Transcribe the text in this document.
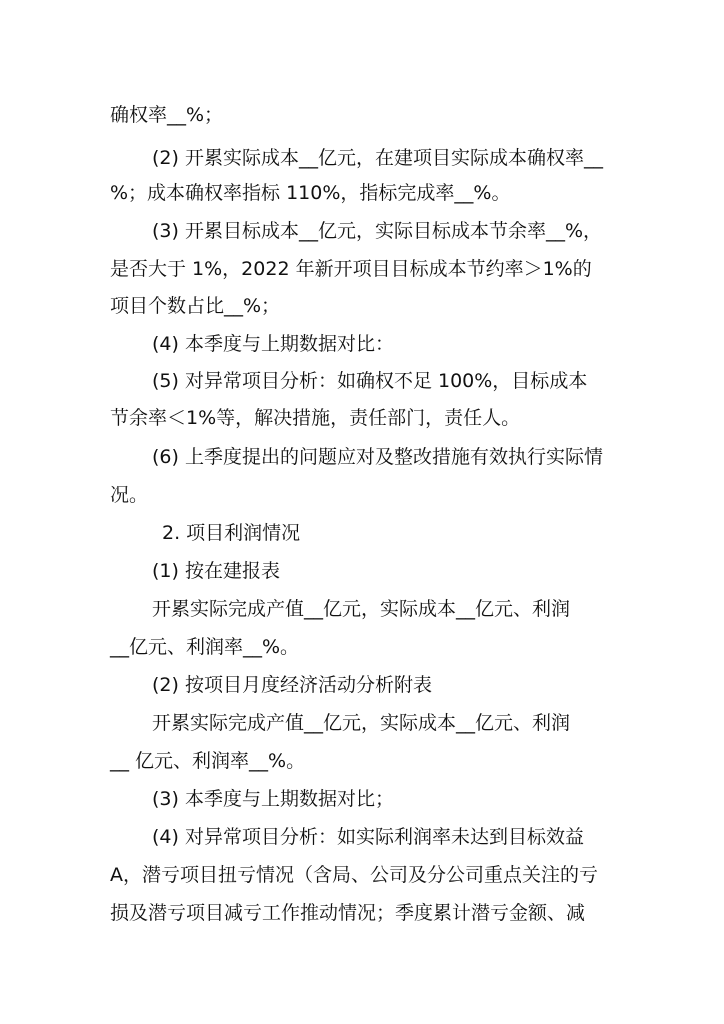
确权率__%；
(2) 开累实际成本__亿元，在建项目实际成本确权率__
%；成本确权率指标 110%，指标完成率__%。
(3) 开累目标成本__亿元，实际目标成本节余率__%，
是否大于 1%，2022 年新开项目目标成本节约率＞1%的
项目个数占比__%；
(4) 本季度与上期数据对比：
(5) 对异常项目分析：如确权不足 100%，目标成本
节余率＜1%等，解决措施，责任部门，责任人。
(6) 上季度提出的问题应对及整改措施有效执行实际情
况。
2. 项目利润情况
(1) 按在建报表
开累实际完成产值__亿元，实际成本__亿元、利润
__亿元、利润率__%。
(2) 按项目月度经济活动分析附表
开累实际完成产值__亿元，实际成本__亿元、利润
__ 亿元、利润率__%。
(3) 本季度与上期数据对比；
(4) 对异常项目分析：如实际利润率未达到目标效益
A，潜亏项目扭亏情况（含局、公司及分公司重点关注的亏
损及潜亏项目减亏工作推动情况；季度累计潜亏金额、减
